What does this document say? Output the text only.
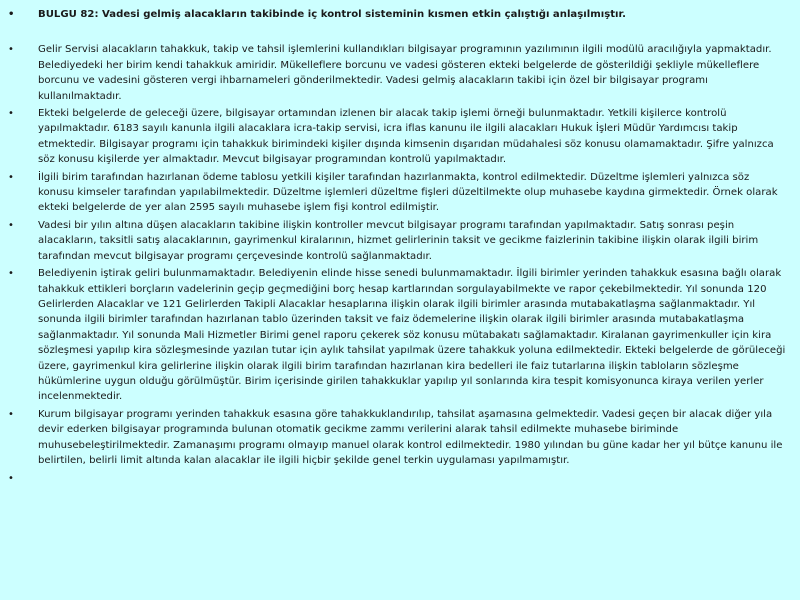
• BULGU 82: Vadesi gelmiş alacakların takibinde iç kontrol sisteminin kısmen etkin çalıştığı anlaşılmıştır.
• Gelir Servisi alacakların tahakkuk, takip ve tahsil işlemlerini kullandıkları bilgisayar programının yazılımının ilgili modülü aracılığıyla yapmaktadır. Belediyedeki her birim kendi tahakkuk amiridir. Mükelleflere borcunu ve vadesi gösteren ekteki belgelerde de gösterildiği şekliyle mükelleflere borcunu ve vadesini gösteren vergi ihbarnameleri gönderilmektedir. Vadesi gelmiş alacakların takibi için özel bir bilgisayar programı kullanılmaktadır.
• Ekteki belgelerde de geleceği üzere, bilgisayar ortamından izlenen bir alacak takip işlemi örneği bulunmaktadır. Yetkili kişilerce kontrolü yapılmaktadır. 6183 sayılı kanunla ilgili alacaklara icra-takip servisi, icra iflas kanunu ile ilgili alacakları Hukuk İşleri Müdür Yardımcısı takip etmektedir. Bilgisayar programı için tahakkuk birimindeki kişiler dışında kimsenin dışarıdan müdahalesi söz konusu olamamaktadır. Şifre yalnızca söz konusu kişilerde yer almaktadır. Mevcut bilgisayar programından kontrolü yapılmaktadır.
• İlgili birim tarafından hazırlanan ödeme tablosu yetkili kişiler tarafından hazırlanmakta, kontrol edilmektedir. Düzeltme işlemleri yalnızca söz konusu kimseler tarafından yapılabilmektedir. Düzeltme işlemleri düzeltme fişleri düzeltilmekte olup muhasebe kaydına girmektedir. Örnek olarak ekteki belgelerde de yer alan 2595 sayılı muhasebe işlem fişi kontrol edilmiştir.
• Vadesi bir yılın altına düşen alacakların takibine ilişkin kontroller mevcut bilgisayar programı tarafından yapılmaktadır. Satış sonrası peşin alacakların, taksitli satış alacaklarının, gayrimenkul kiralarının, hizmet gelirlerinin taksit ve gecikme faizlerinin takibine ilişkin olarak ilgili birim tarafından mevcut bilgisayar programı çerçevesinde kontrolü sağlanmaktadır.
• Belediyenin iştirak geliri bulunmamaktadır. Belediyenin elinde hisse senedi bulunmamaktadır. İlgili birimler yerinden tahakkuk esasına bağlı olarak tahakkuk ettikleri borçların vadelerinin geçip geçmediğini borç hesap kartlarından sorgulayabilmekte ve rapor çekebilmektedir. Yıl sonunda 120 Gelirlerden Alacaklar ve 121 Gelirlerden Takipli Alacaklar hesaplarına ilişkin olarak ilgili birimler arasında mutabakatlaşma sağlanmaktadır. Yıl sonunda ilgili birimler tarafından hazırlanan tablo üzerinden taksit ve faiz ödemelerine ilişkin olarak ilgili birimler arasında mutabakatlaşma sağlanmaktadır. Yıl sonunda Mali Hizmetler Birimi genel raporu çekerek söz konusu mütabakatı sağlamaktadır. Kiralanan gayrimenkuller için kira sözleşmesi yapılıp kira sözleşmesinde yazılan tutar için aylık tahsilat yapılmak üzere tahakkuk yoluna edilmektedir. Ekteki belgelerde de görüleceği üzere, gayrimenkul kira gelirlerine ilişkin olarak ilgili birim tarafından hazırlanan kira bedelleri ile faiz tutarlarına ilişkin tabloların sözleşme hükümlerine uygun olduğu görülmüştür. Birim içerisinde girilen tahakkuklar yapılıp yıl sonlarında kira tespit komisyonunca kiraya verilen yerler incelenmektedir.
• Kurum bilgisayar programı yerinden tahakkuk esasına göre tahakkuklandırılıp, tahsilat aşamasına gelmektedir. Vadesi geçen bir alacak diğer yıla devir ederken bilgisayar programında bulunan otomatik gecikme zammı verilerini alarak tahsil edilmekte muhasebe biriminde muhusebeleştirilmektedir. Zamanaşımı programı olmayıp manuel olarak kontrol edilmektedir. 1980 yılından bu güne kadar her yıl bütçe kanunu ile belirtilen, belirli limit altında kalan alacaklar ile ilgili hiçbir şekilde genel terkin uygulaması yapılmamıştır.
•
